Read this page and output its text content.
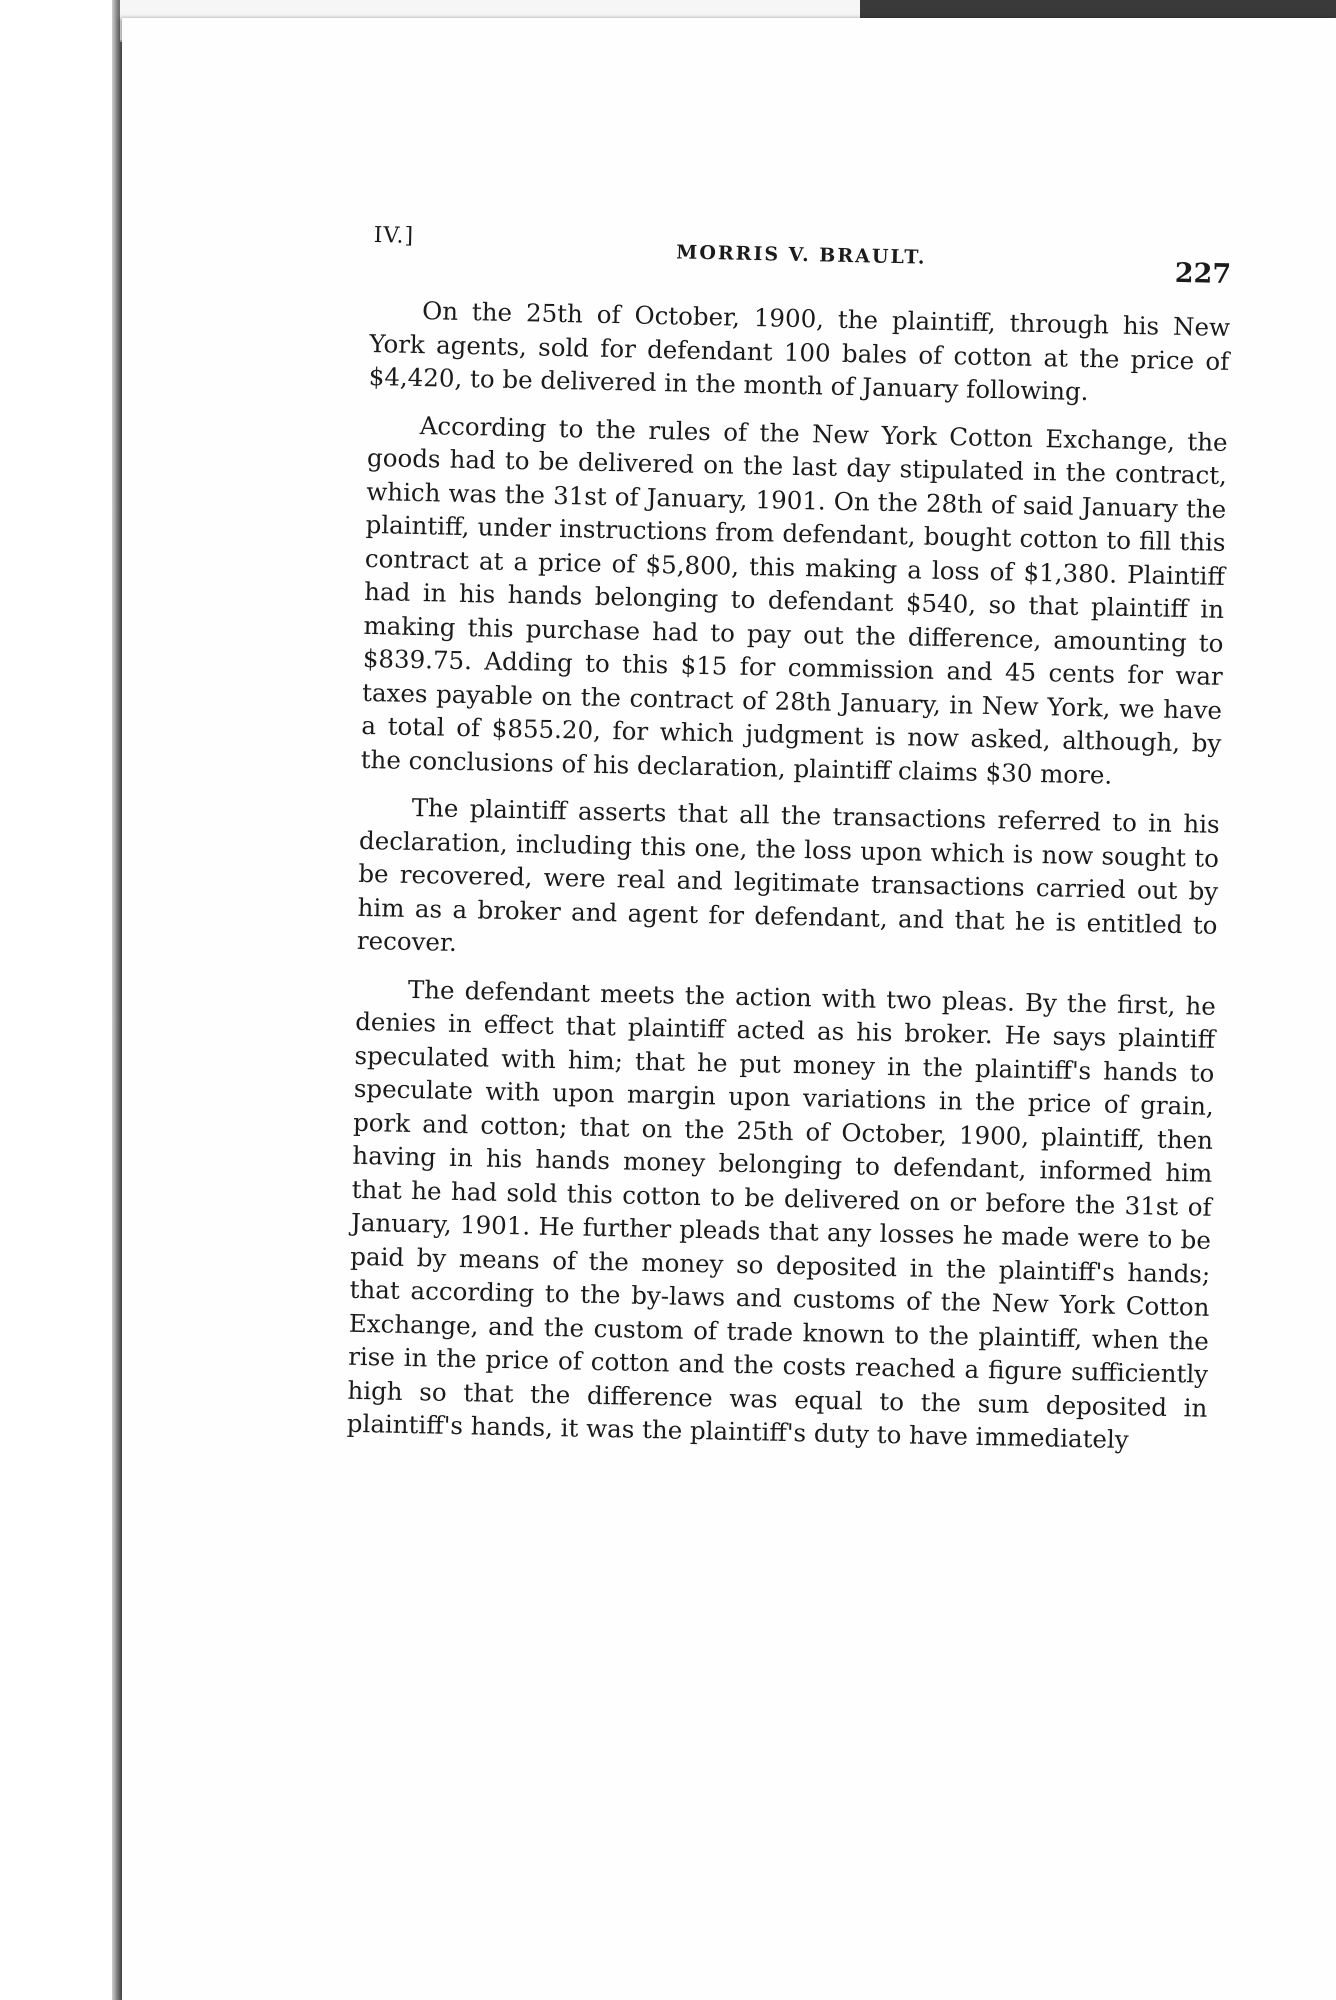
IV.]
MORRIS V. BRAULT.
227

On the 25th of October, 1900, the plaintiff, through his New York agents, sold for defendant 100 bales of cotton at the price of $4,420, to be delivered in the month of January following.

According to the rules of the New York Cotton Exchange, the goods had to be delivered on the last day stipulated in the contract, which was the 31st of January, 1901. On the 28th of said January the plaintiff, under instructions from defendant, bought cotton to fill this contract at a price of $5,800, this making a loss of $1,380. Plaintiff had in his hands belonging to defendant $540, so that plaintiff in making this purchase had to pay out the difference, amounting to $839.75. Adding to this $15 for commission and 45 cents for war taxes payable on the contract of 28th January, in New York, we have a total of $855.20, for which judgment is now asked, although, by the conclusions of his declaration, plaintiff claims $30 more.

The plaintiff asserts that all the transactions referred to in his declaration, including this one, the loss upon which is now sought to be recovered, were real and legitimate transactions carried out by him as a broker and agent for defendant, and that he is entitled to recover.

The defendant meets the action with two pleas. By the first, he denies in effect that plaintiff acted as his broker. He says plaintiff speculated with him; that he put money in the plaintiff's hands to speculate with upon margin upon variations in the price of grain, pork and cotton; that on the 25th of October, 1900, plaintiff, then having in his hands money belonging to defendant, informed him that he had sold this cotton to be delivered on or before the 31st of January, 1901. He further pleads that any losses he made were to be paid by means of the money so deposited in the plaintiff's hands; that according to the by-laws and customs of the New York Cotton Exchange, and the custom of trade known to the plaintiff, when the rise in the price of cotton and the costs reached a figure sufficiently high so that the difference was equal to the sum deposited in plaintiff's hands, it was the plaintiff's duty to have immediately
